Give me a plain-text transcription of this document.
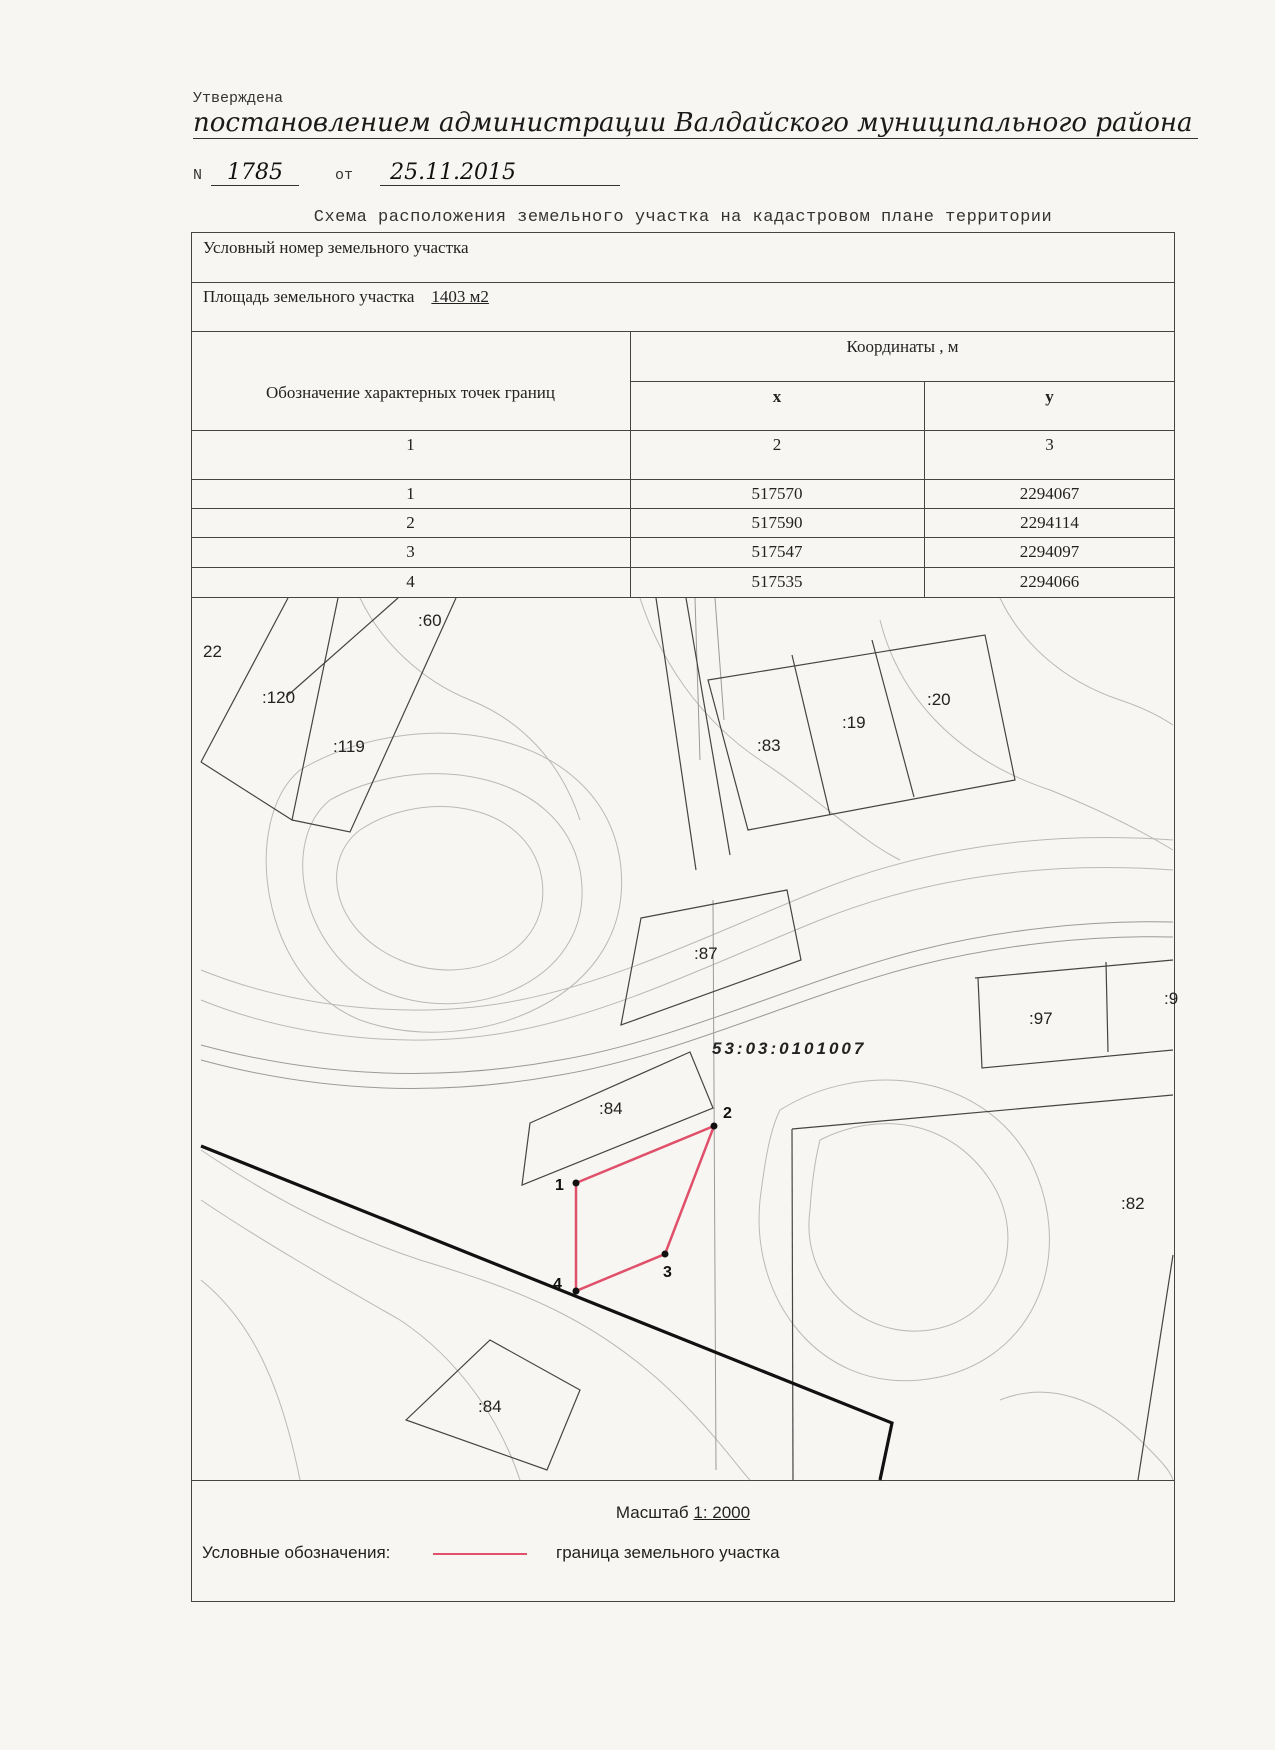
Утверждена
постановлением администрации Валдайского муниципального района
N 1785	от 25.11.2015
Схема расположения земельного участка на кадастровом плане территории
Условный номер земельного участка
Площадь земельного участка 1403 м2
Обозначение характерных точек границ
Координаты , м
x	y
1	2	3
1	517570	2294067
2	517590	2294114
3	517547	2294097
4	517535	2294066
:60
22
:120
:119	:83
:19
:20
:87
:97
:9
:84
:82
:84
53:03:0101007
1
2
3
4
Масштаб 1: 2000
Условные обозначения:	граница земельного участка
